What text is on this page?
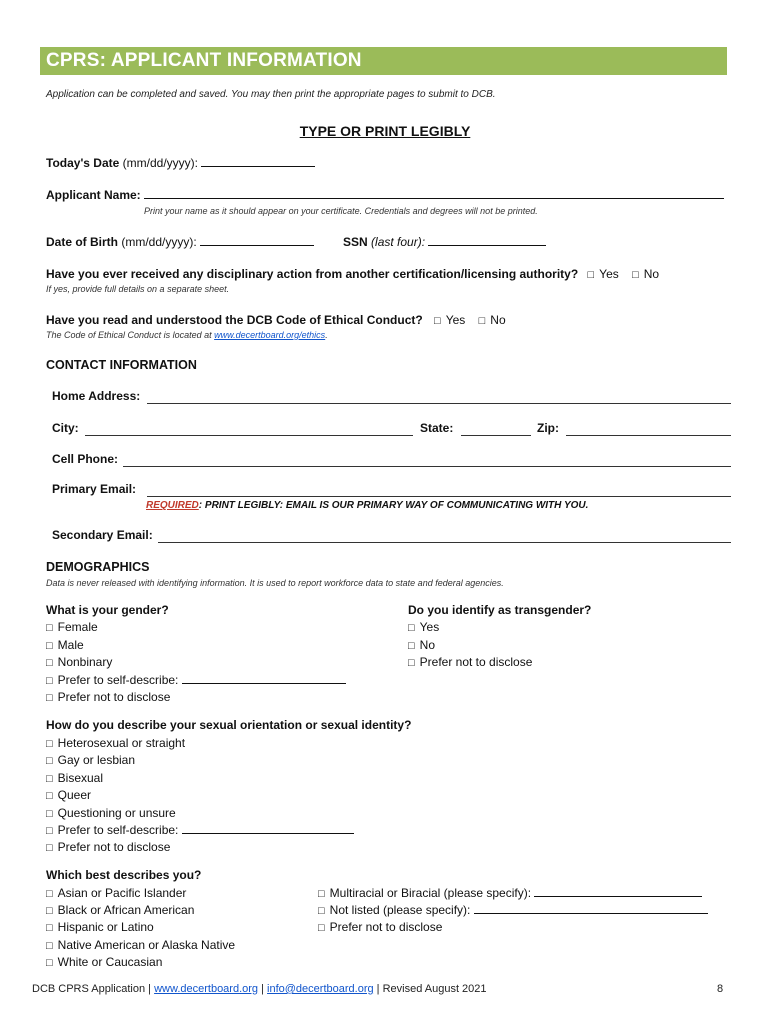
CPRS: APPLICANT INFORMATION
Application can be completed and saved. You may then print the appropriate pages to submit to DCB.
TYPE OR PRINT LEGIBLY
Today's Date (mm/dd/yyyy):
Applicant Name:
Print your name as it should appear on your certificate. Credentials and degrees will not be printed.
Date of Birth (mm/dd/yyyy):	SSN (last four):
Have you ever received any disciplinary action from another certification/licensing authority? □ Yes □ No
If yes, provide full details on a separate sheet.
Have you read and understood the DCB Code of Ethical Conduct? □ Yes □ No
The Code of Ethical Conduct is located at www.decertboard.org/ethics.
CONTACT INFORMATION
Home Address:
City:	State:	Zip:
Cell Phone:
Primary Email:
REQUIRED: PRINT LEGIBLY: EMAIL IS OUR PRIMARY WAY OF COMMUNICATING WITH YOU.
Secondary Email:
DEMOGRAPHICS
Data is never released with identifying information. It is used to report workforce data to state and federal agencies.
What is your gender?
□ Female
□ Male
□ Nonbinary
□ Prefer to self-describe:
□ Prefer not to disclose
Do you identify as transgender?
□ Yes
□ No
□ Prefer not to disclose
How do you describe your sexual orientation or sexual identity?
□ Heterosexual or straight
□ Gay or lesbian
□ Bisexual
□ Queer
□ Questioning or unsure
□ Prefer to self-describe:
□ Prefer not to disclose
Which best describes you?
□ Asian or Pacific Islander
□ Black or African American
□ Hispanic or Latino
□ Native American or Alaska Native
□ White or Caucasian
□ Multiracial or Biracial (please specify):
□ Not listed (please specify):
□ Prefer not to disclose
DCB CPRS Application | www.decertboard.org | info@decertboard.org | Revised August 2021	8
